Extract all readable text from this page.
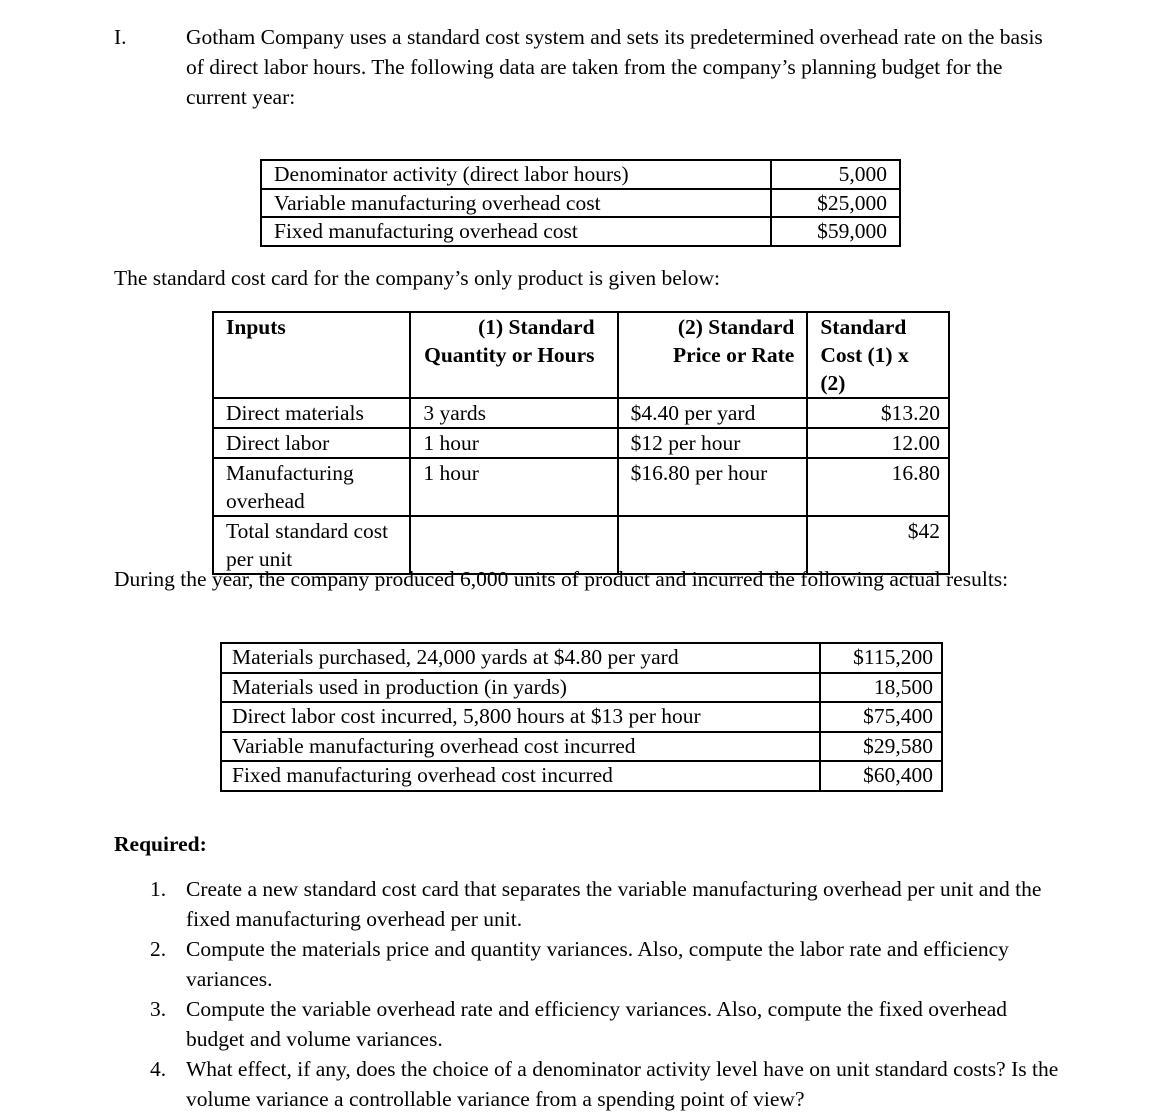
I.	Gotham Company uses a standard cost system and sets its predetermined overhead rate on the basis of direct labor hours. The following data are taken from the company’s planning budget for the current year:

Denominator activity (direct labor hours)	5,000
Variable manufacturing overhead cost	$25,000
Fixed manufacturing overhead cost	$59,000
The standard cost card for the company’s only product is given below:
Inputs	(1) Standard Quantity or Hours	(2) Standard Price or Rate	Standard Cost (1) x (2)
Direct materials	3 yards	$4.40 per yard	$13.20
Direct labor	1 hour	$12 per hour	12.00
Manufacturing overhead	1 hour	$16.80 per hour	16.80
Total standard cost per unit			$42
During the year, the company produced 6,000 units of product and incurred the following actual results:
Materials purchased, 24,000 yards at $4.80 per yard	$115,200
Materials used in production (in yards)	18,500
Direct labor cost incurred, 5,800 hours at $13 per hour	$75,400
Variable manufacturing overhead cost incurred	$29,580
Fixed manufacturing overhead cost incurred	$60,400
Required:

1. Create a new standard cost card that separates the variable manufacturing overhead per unit and the fixed manufacturing overhead per unit.

2. Compute the materials price and quantity variances. Also, compute the labor rate and efficiency variances.

3. Compute the variable overhead rate and efficiency variances. Also, compute the fixed overhead budget and volume variances.

4. What effect, if any, does the choice of a denominator activity level have on unit standard costs? Is the volume variance a controllable variance from a spending point of view?
